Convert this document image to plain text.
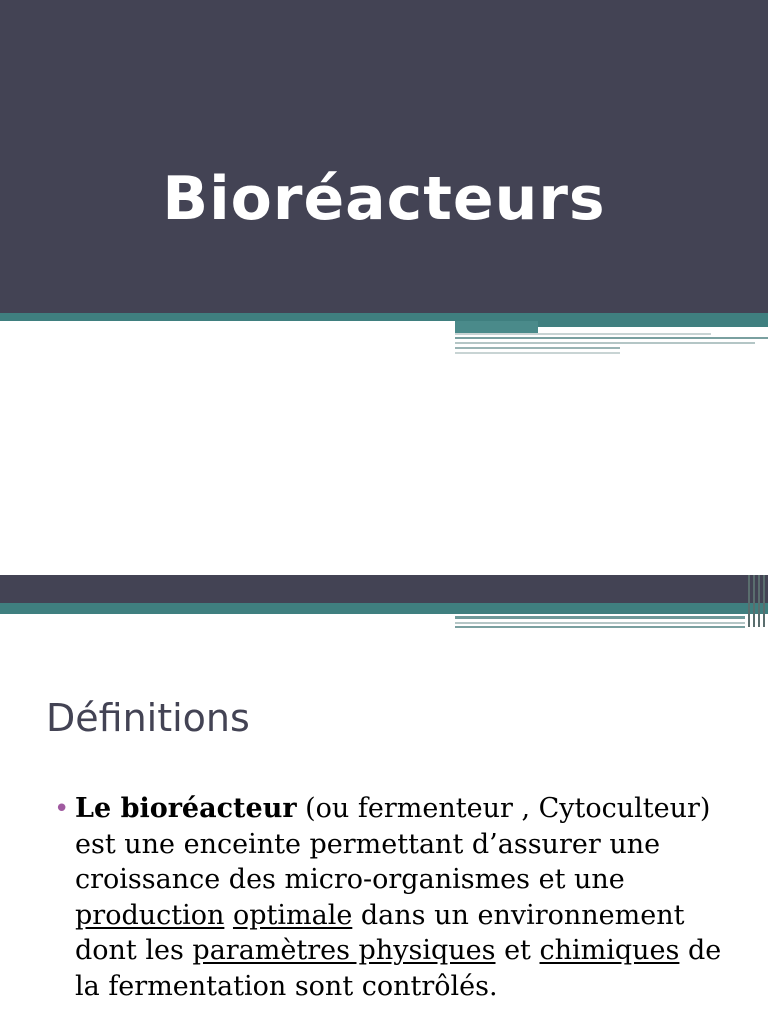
Bioréacteurs
Définitions
• Le bioréacteur (ou fermenteur , Cytoculteur) est une enceinte permettant d’assurer une croissance des micro-organismes et une production optimale dans un environnement dont les paramètres physiques et chimiques de la fermentation sont contrôlés.
